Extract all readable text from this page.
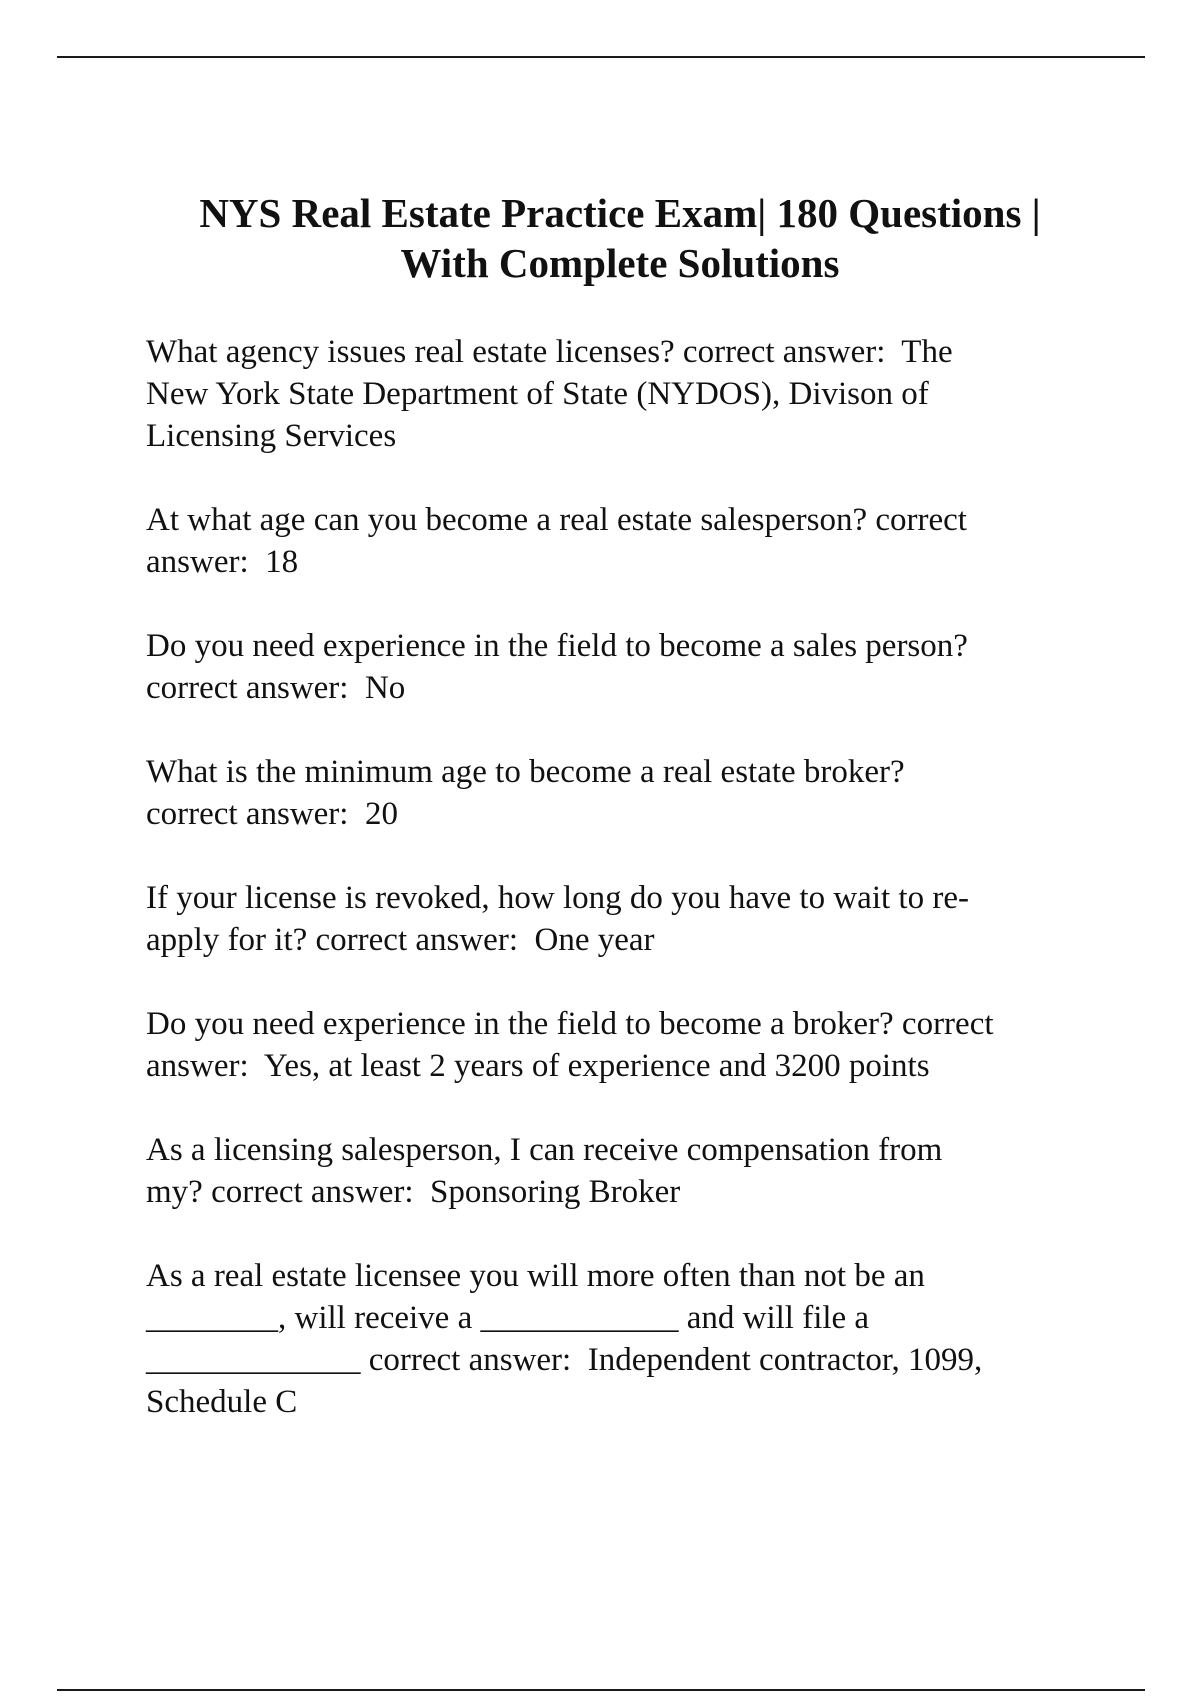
NYS Real Estate Practice Exam| 180 Questions |
With Complete Solutions

What agency issues real estate licenses? correct answer:  The

New York State Department of State (NYDOS), Divison of

Licensing Services

At what age can you become a real estate salesperson? correct

answer:  18

Do you need experience in the field to become a sales person?

correct answer:  No

What is the minimum age to become a real estate broker?

correct answer:  20

If your license is revoked, how long do you have to wait to re-

apply for it? correct answer:  One year

Do you need experience in the field to become a broker? correct

answer:  Yes, at least 2 years of experience and 3200 points

As a licensing salesperson, I can receive compensation from

my? correct answer:  Sponsoring Broker

As a real estate licensee you will more often than not be an

________, will receive a ____________ and will file a

_____________ correct answer:  Independent contractor, 1099,

Schedule C
